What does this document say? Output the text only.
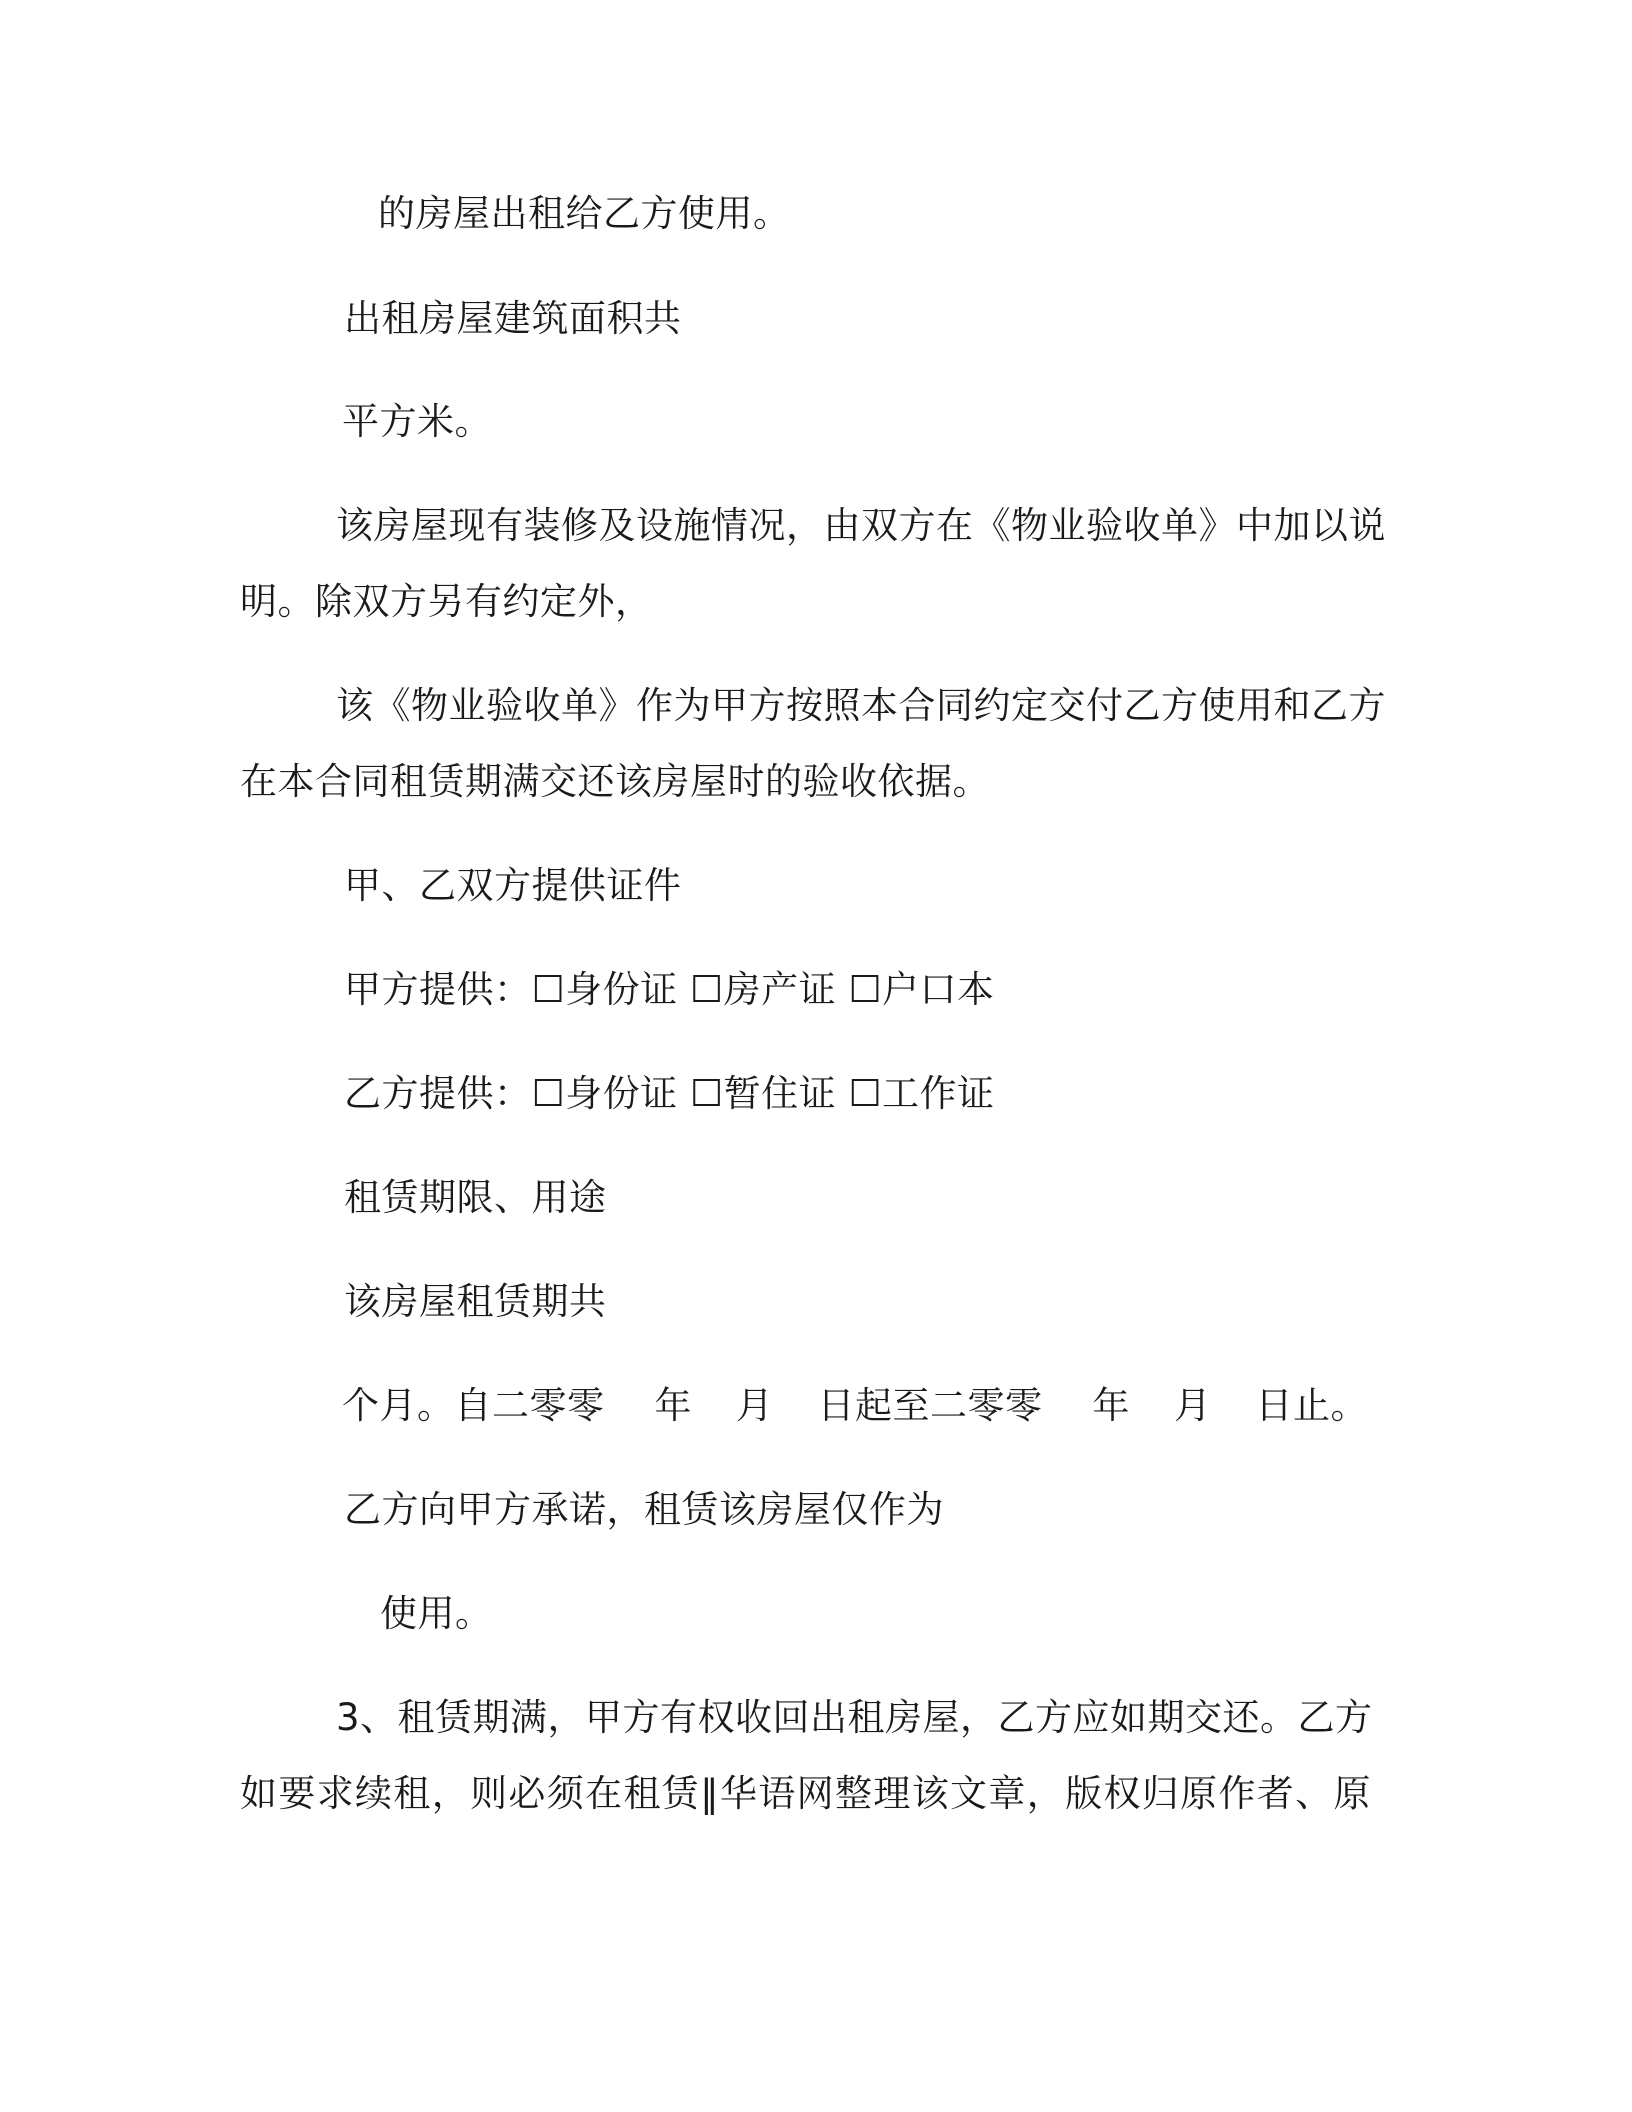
的房屋出租给乙方使用。
出租房屋建筑面积共
平方米。
该房屋现有装修及设施情况，由双方在《物业验收单》中加以说
明。除双方另有约定外，
该《物业验收单》作为甲方按照本合同约定交付乙方使用和乙方
在本合同租赁期满交还该房屋时的验收依据。
甲、乙双方提供证件
甲方提供：☐身份证 ☐房产证 ☐户口本
乙方提供：☐身份证 ☐暂住证 ☐工作证
租赁期限、用途
该房屋租赁期共
个月。自二零零 年 月 日起至二零零 年 月 日止。
乙方向甲方承诺，租赁该房屋仅作为
使用。
3、租赁期满，甲方有权收回出租房屋，乙方应如期交还。乙方
如要求续租，则必须在租赁‖华语网整理该文章，版权归原作者、原
